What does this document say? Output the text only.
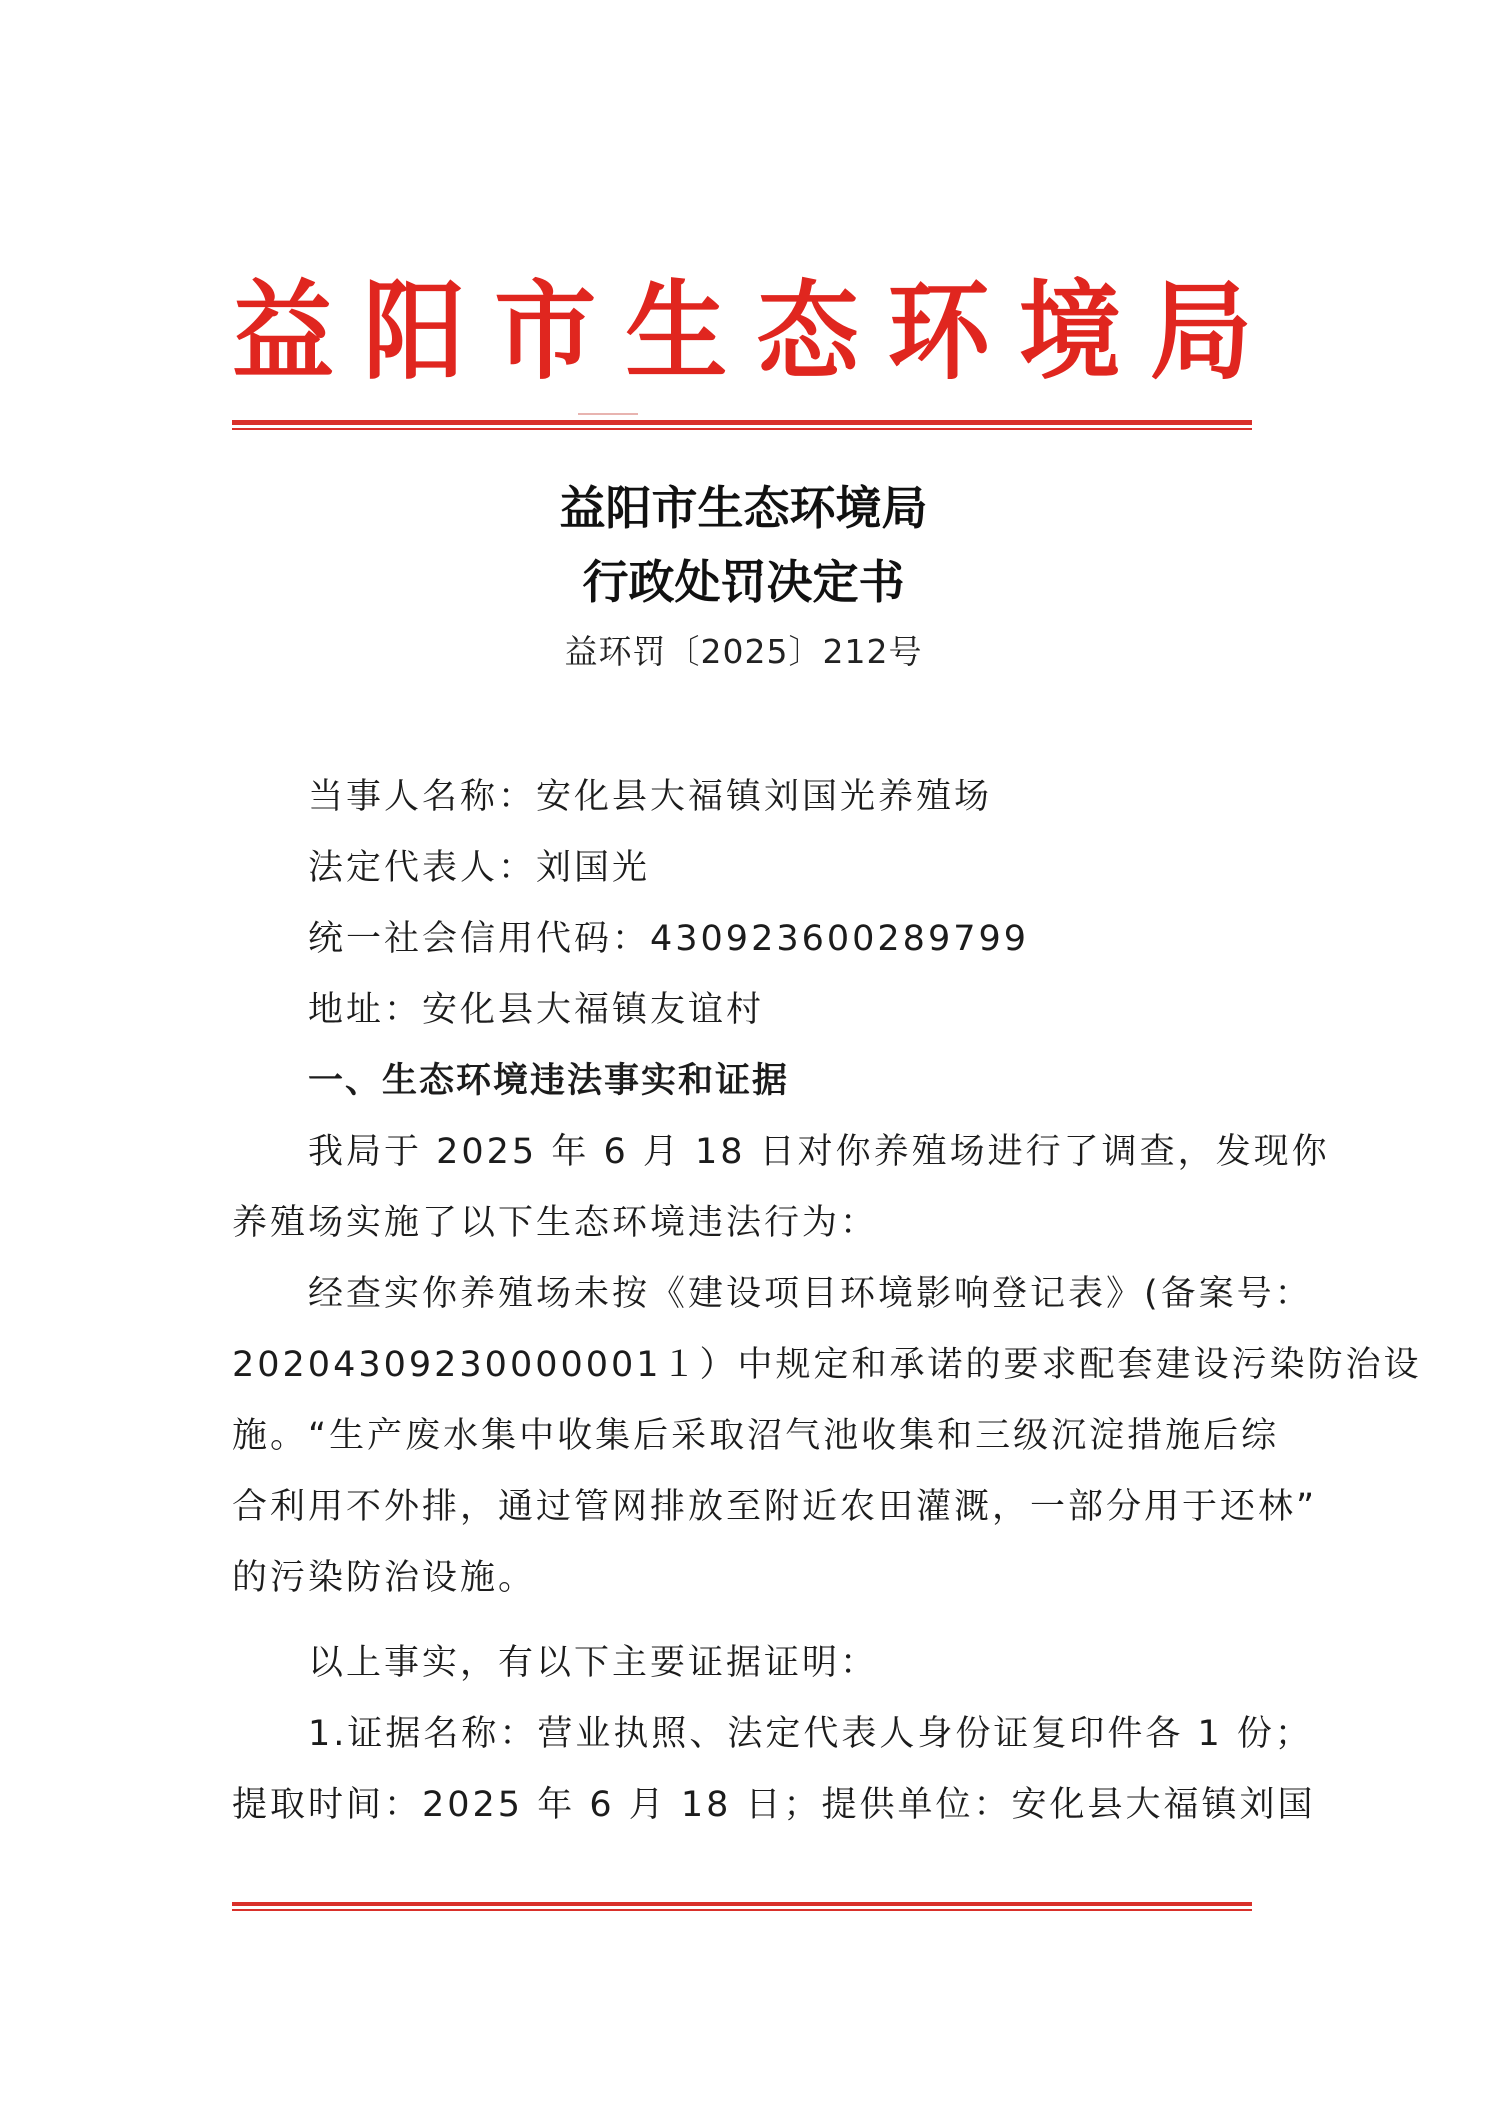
益 阳 市 生 态 环 境 局
益阳市生态环境局
行政处罚决定书
益环罚〔2025〕212号
当事人名称：安化县大福镇刘国光养殖场
法定代表人：刘国光
统一社会信用代码：430923600289799
地址：安化县大福镇友谊村
一、生态环境违法事实和证据
我局于 2025 年 6 月 18 日对你养殖场进行了调查，发现你
养殖场实施了以下生态环境违法行为：
经查实你养殖场未按《建设项目环境影响登记表》(备案号：
20204309230000001１）中规定和承诺的要求配套建设污染防治设
施。“生产废水集中收集后采取沼气池收集和三级沉淀措施后综
合利用不外排，通过管网排放至附近农田灌溉，一部分用于还林”
的污染防治设施。
以上事实，有以下主要证据证明：
1.证据名称：营业执照、法定代表人身份证复印件各 1 份；
提取时间：2025 年 6 月 18 日；提供单位：安化县大福镇刘国
